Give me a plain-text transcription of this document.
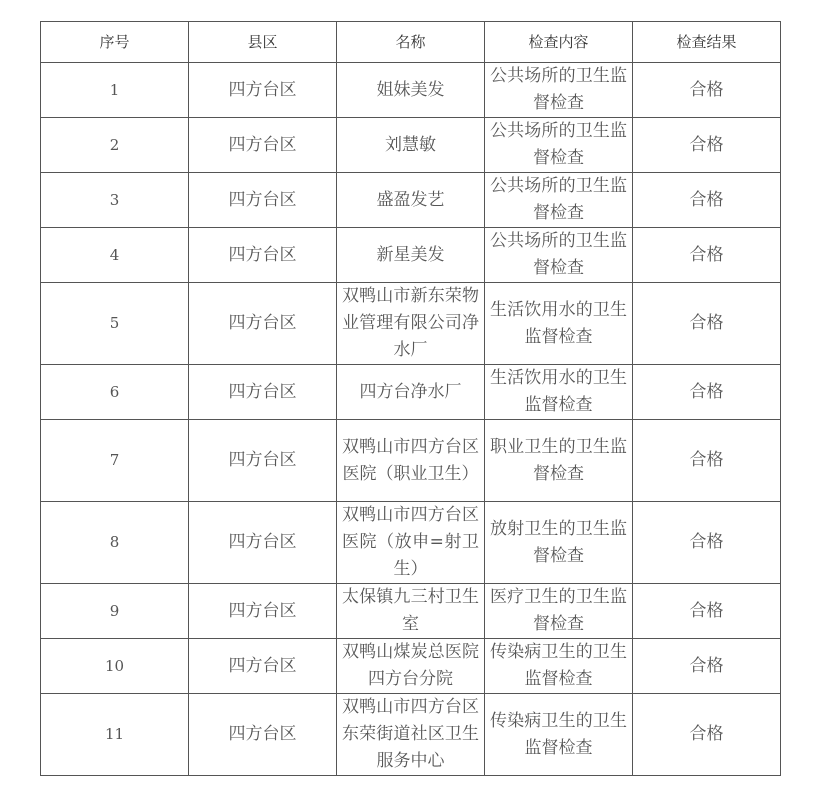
序号	县区	名称	检查内容	检查结果
1	四方台区	姐妹美发	公共场所的卫生监督检查	合格
2	四方台区	刘慧敏	公共场所的卫生监督检查	合格
3	四方台区	盛盈发艺	公共场所的卫生监督检查	合格
4	四方台区	新星美发	公共场所的卫生监督检查	合格
5	四方台区	双鸭山市新东荣物业管理有限公司净水厂	生活饮用水的卫生监督检查	合格
6	四方台区	四方台净水厂	生活饮用水的卫生监督检查	合格
7	四方台区	双鸭山市四方台区医院（职业卫生）	职业卫生的卫生监督检查	合格
8	四方台区	双鸭山市四方台区医院（放申=射卫生）	放射卫生的卫生监督检查	合格
9	四方台区	太保镇九三村卫生室	医疗卫生的卫生监督检查	合格
10	四方台区	双鸭山煤炭总医院四方台分院	传染病卫生的卫生监督检查	合格
11	四方台区	双鸭山市四方台区东荣街道社区卫生服务中心	传染病卫生的卫生监督检查	合格
